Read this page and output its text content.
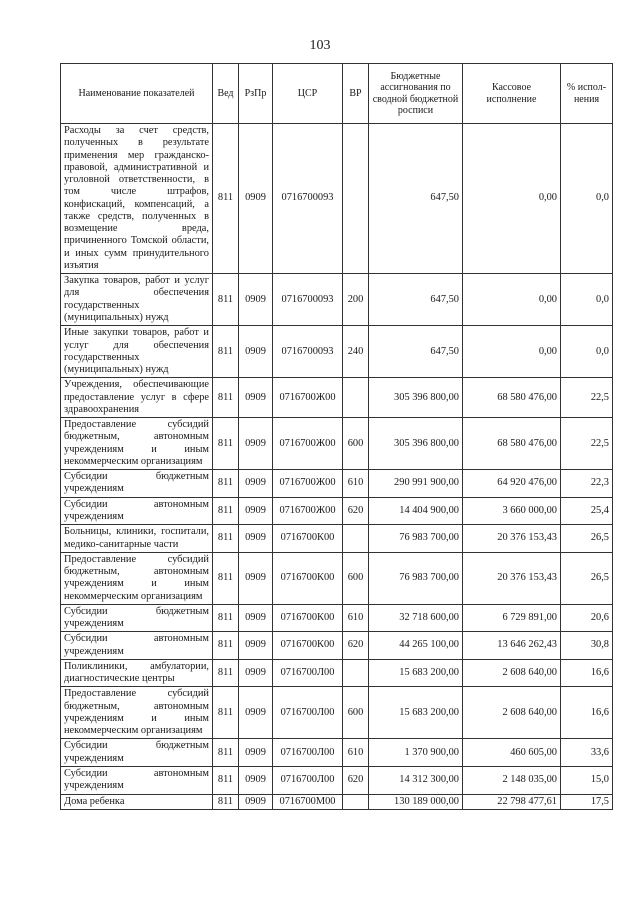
103
Наименование показателей	Вед	РзПр	ЦСР	ВР	Бюджетные ассигнования по сводной бюджетной росписи	Кассовое исполнение	% испол-нения
Расходы за счет средств, полученных в результате применения мер гражданско-правовой, административной и уголовной ответственности, в том числе штрафов, конфискаций, компенсаций, а также средств, полученных в возмещение вреда, причиненного Томской области, и иных сумм принудительного изъятия	811	0909	0716700093		647,50	0,00	0,0
Закупка товаров, работ и услуг для обеспечения государственных (муниципальных) нужд	811	0909	0716700093	200	647,50	0,00	0,0
Иные закупки товаров, работ и услуг для обеспечения государственных (муниципальных) нужд	811	0909	0716700093	240	647,50	0,00	0,0
Учреждения, обеспечивающие предоставление услуг в сфере здравоохранения	811	0909	0716700Ж00		305 396 800,00	68 580 476,00	22,5
Предоставление субсидий бюджетным, автономным учреждениям и иным некоммерческим организациям	811	0909	0716700Ж00	600	305 396 800,00	68 580 476,00	22,5
Субсидии бюджетным учреждениям	811	0909	0716700Ж00	610	290 991 900,00	64 920 476,00	22,3
Субсидии автономным учреждениям	811	0909	0716700Ж00	620	14 404 900,00	3 660 000,00	25,4
Больницы, клиники, госпитали, медико-санитарные части	811	0909	0716700К00		76 983 700,00	20 376 153,43	26,5
Предоставление субсидий бюджетным, автономным учреждениям и иным некоммерческим организациям	811	0909	0716700К00	600	76 983 700,00	20 376 153,43	26,5
Субсидии бюджетным учреждениям	811	0909	0716700К00	610	32 718 600,00	6 729 891,00	20,6
Субсидии автономным учреждениям	811	0909	0716700К00	620	44 265 100,00	13 646 262,43	30,8
Поликлиники, амбулатории, диагностические центры	811	0909	0716700Л00		15 683 200,00	2 608 640,00	16,6
Предоставление субсидий бюджетным, автономным учреждениям и иным некоммерческим организациям	811	0909	0716700Л00	600	15 683 200,00	2 608 640,00	16,6
Субсидии бюджетным учреждениям	811	0909	0716700Л00	610	1 370 900,00	460 605,00	33,6
Субсидии автономным учреждениям	811	0909	0716700Л00	620	14 312 300,00	2 148 035,00	15,0
Дома ребенка	811	0909	0716700М00		130 189 000,00	22 798 477,61	17,5
